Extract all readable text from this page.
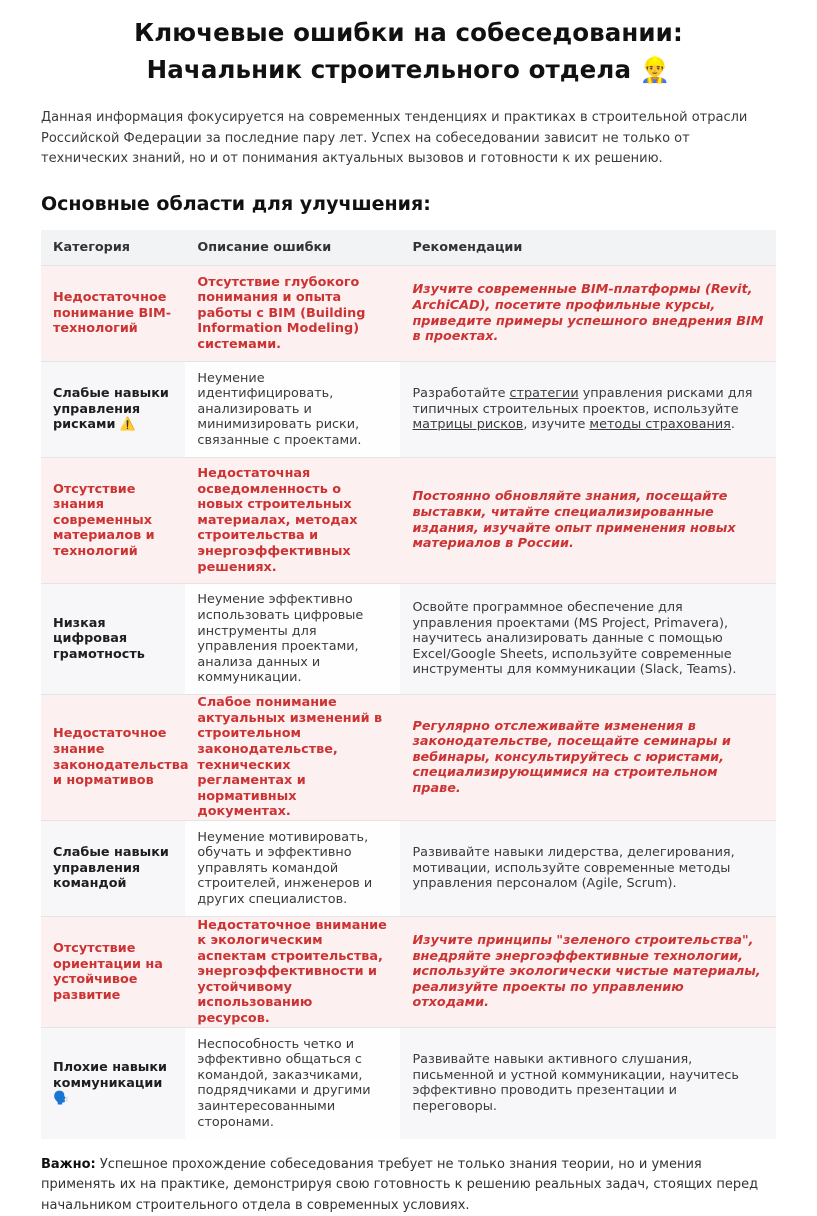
Ключевые ошибки на собеседовании:
Начальник строительного отдела 👷‍♂️

Данная информация фокусируется на современных тенденциях и практиках в строительной отрасли Российской Федерации за последние пару лет. Успех на собеседовании зависит не только от технических знаний, но и от понимания актуальных вызовов и готовности к их решению.

Основные области для улучшения:
Категория	Описание ошибки	Рекомендации
Недостаточное понимание BIM-технологий	Отсутствие глубокого понимания и опыта работы с BIM (Building Information Modeling) системами.	Изучите современные BIM-платформы (Revit, ArchiCAD), посетите профильные курсы, приведите примеры успешного внедрения BIM в проектах.
Слабые навыки управления рисками ⚠️	Неумение идентифицировать, анализировать и минимизировать риски, связанные с проектами.	Разработайте стратегии управления рисками для типичных строительных проектов, используйте матрицы рисков, изучите методы страхования.
Отсутствие знания современных материалов и технологий	Недостаточная осведомленность о новых строительных материалах, методах строительства и энергоэффективных решениях.	Постоянно обновляйте знания, посещайте выставки, читайте специализированные издания, изучайте опыт применения новых материалов в России.
Низкая цифровая грамотность	Неумение эффективно использовать цифровые инструменты для управления проектами, анализа данных и коммуникации.	Освойте программное обеспечение для управления проектами (MS Project, Primavera), научитесь анализировать данные с помощью Excel/Google Sheets, используйте современные инструменты для коммуникации (Slack, Teams).
Недостаточное знание законодательства и нормативов	Слабое понимание актуальных изменений в строительном законодательстве, технических регламентах и нормативных документах.	Регулярно отслеживайте изменения в законодательстве, посещайте семинары и вебинары, консультируйтесь с юристами, специализирующимися на строительном праве.
Слабые навыки управления командой	Неумение мотивировать, обучать и эффективно управлять командой строителей, инженеров и других специалистов.	Развивайте навыки лидерства, делегирования, мотивации, используйте современные методы управления персоналом (Agile, Scrum).
Отсутствие ориентации на устойчивое развитие	Недостаточное внимание к экологическим аспектам строительства, энергоэффективности и устойчивому использованию ресурсов.	Изучите принципы "зеленого строительства", внедряйте энергоэффективные технологии, используйте экологически чистые материалы, реализуйте проекты по управлению отходами.
Плохие навыки коммуникации 🗣️	Неспособность четко и эффективно общаться с командой, заказчиками, подрядчиками и другими заинтересованными сторонами.	Развивайте навыки активного слушания, письменной и устной коммуникации, научитесь эффективно проводить презентации и переговоры.

Важно: Успешное прохождение собеседования требует не только знания теории, но и умения применять их на практике, демонстрируя свою готовность к решению реальных задач, стоящих перед начальником строительного отдела в современных условиях.
